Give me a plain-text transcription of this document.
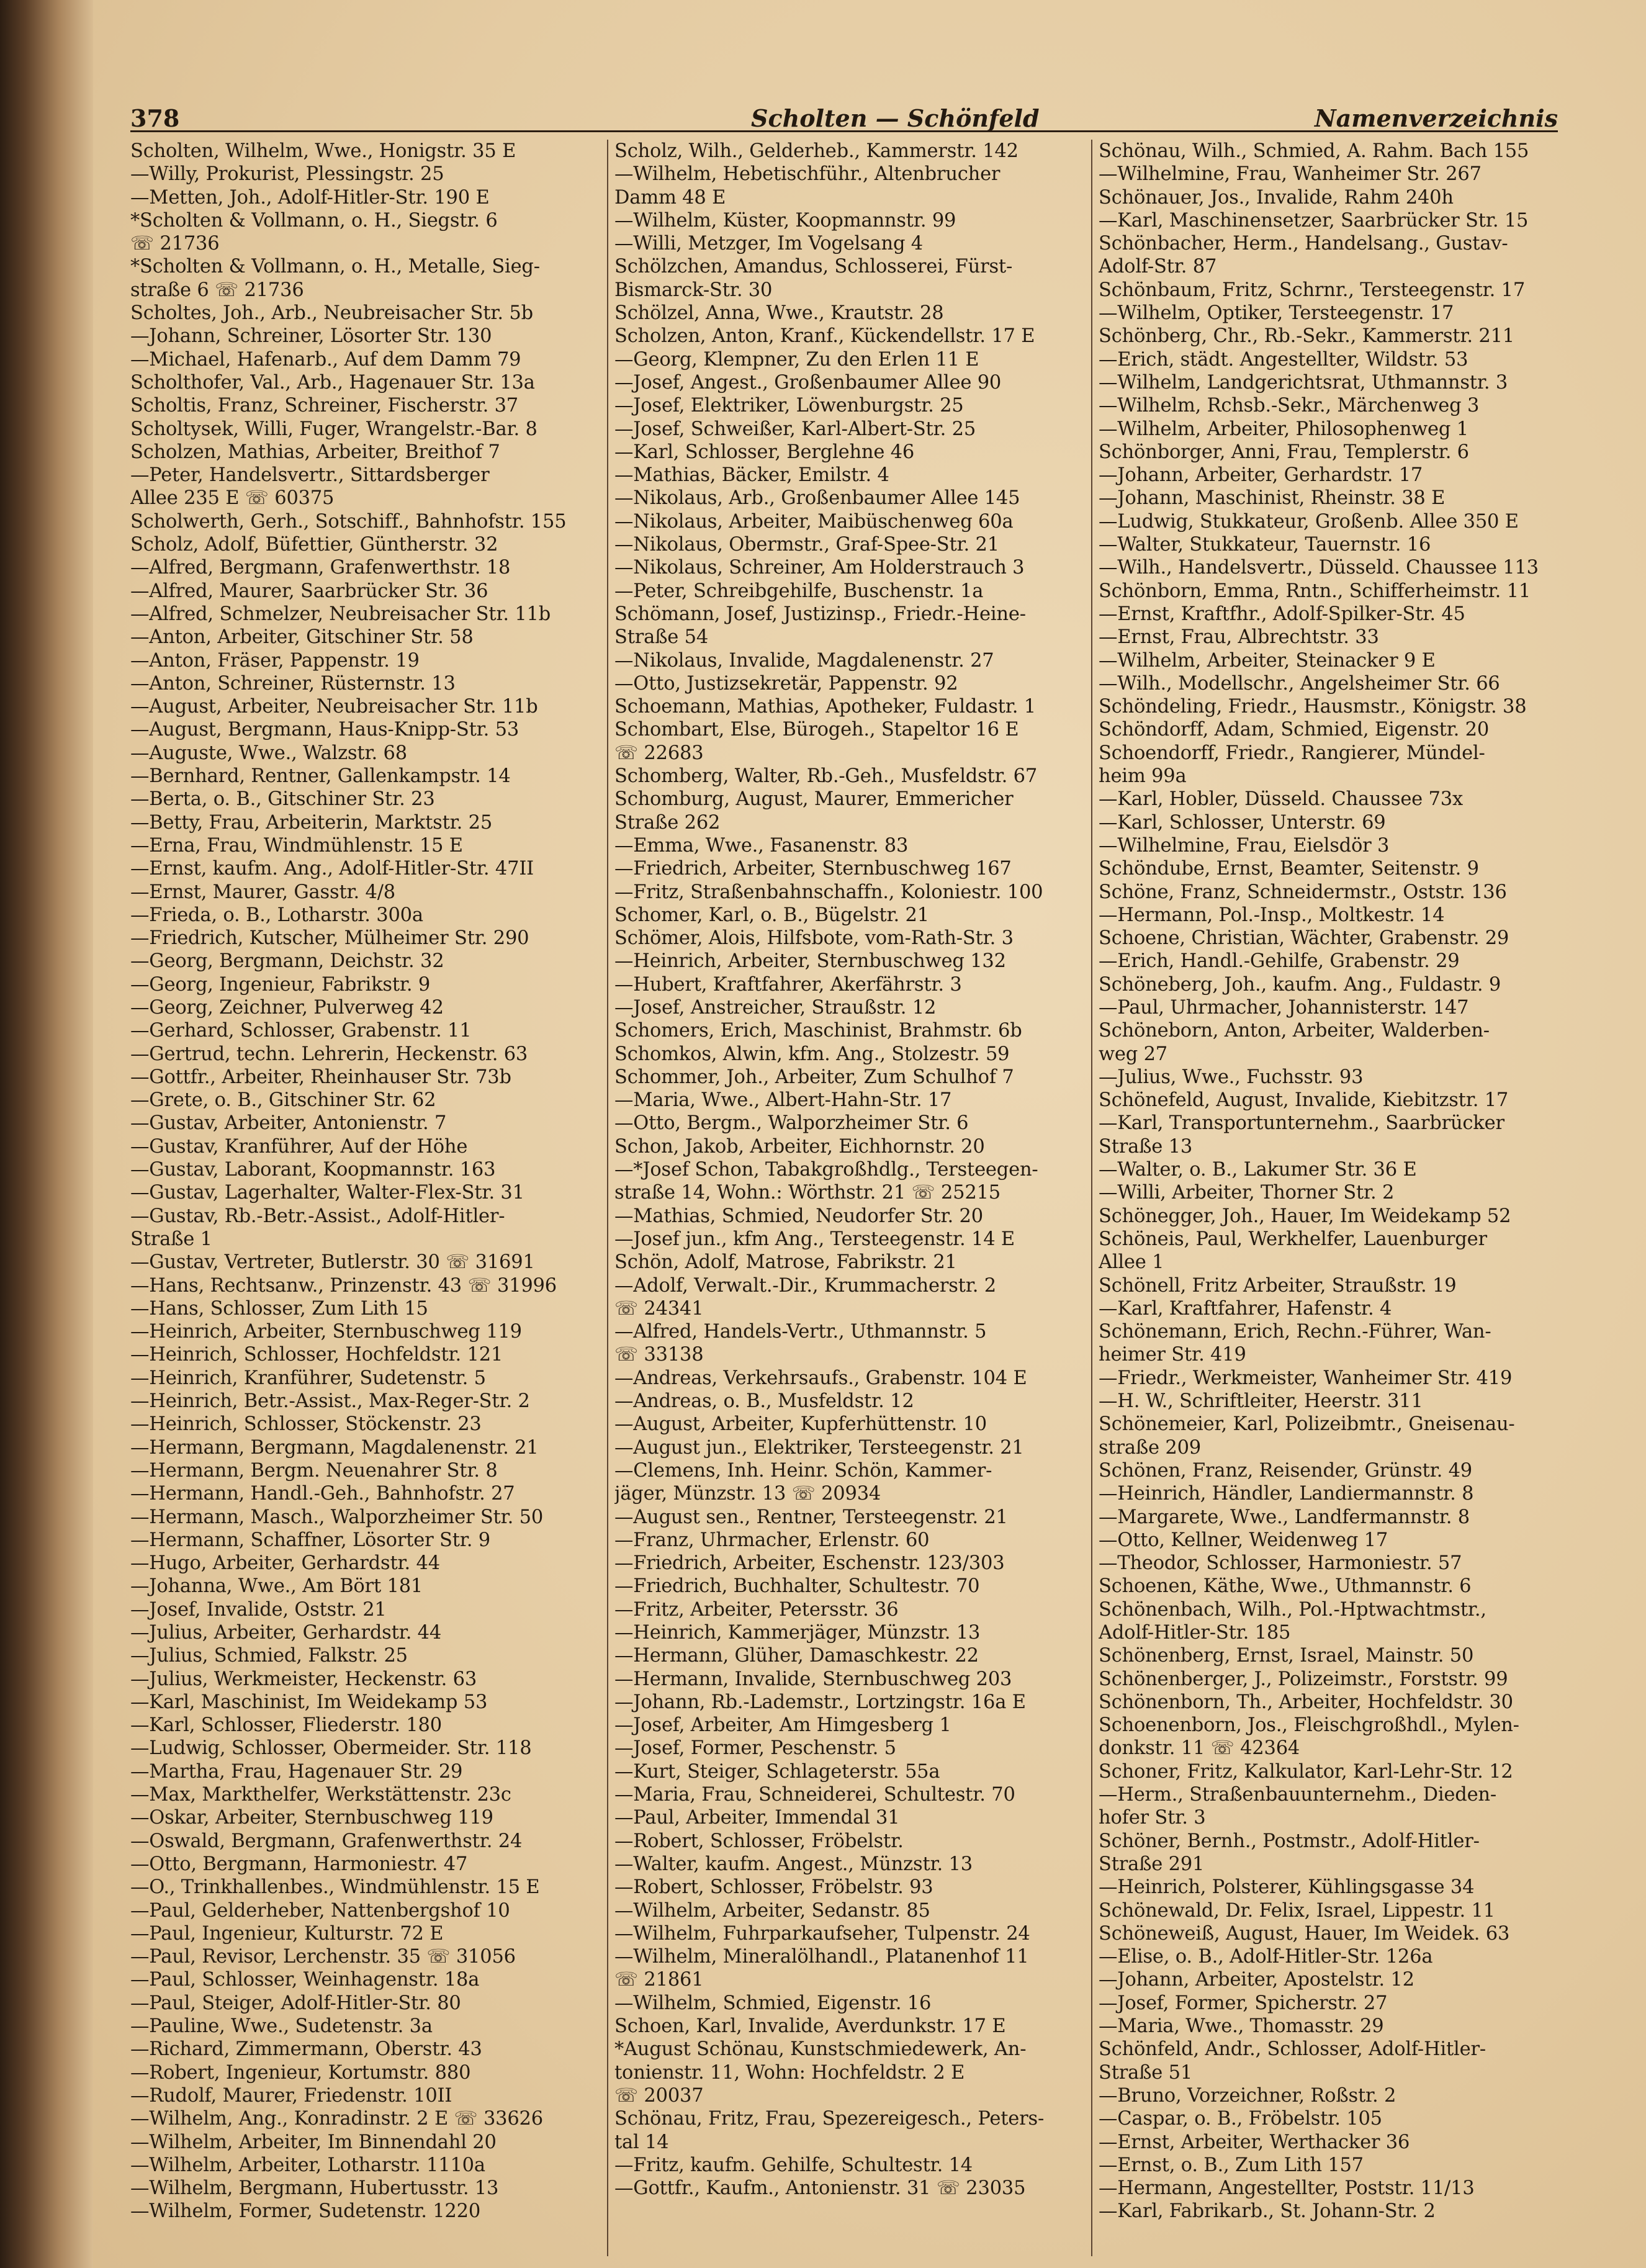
378	Scholten — Schönfeld	Namenverzeichnis
Scholten, Wilhelm, Wwe., Honigstr. 35 E
—Willy, Prokurist, Plessingstr. 25
—Metten, Joh., Adolf-Hitler-Str. 190 E
*Scholten & Vollmann, o. H., Siegstr. 6
☏ 21736
*Scholten & Vollmann, o. H., Metalle, Sieg-
straße 6 ☏ 21736
Scholtes, Joh., Arb., Neubreisacher Str. 5b
—Johann, Schreiner, Lösorter Str. 130
—Michael, Hafenarb., Auf dem Damm 79
Scholthofer, Val., Arb., Hagenauer Str. 13a
Scholtis, Franz, Schreiner, Fischerstr. 37
Scholtysek, Willi, Fuger, Wrangelstr.-Bar. 8
Scholzen, Mathias, Arbeiter, Breithof 7
—Peter, Handelsvertr., Sittardsberger
Allee 235 E ☏ 60375
Scholwerth, Gerh., Sotschiff., Bahnhofstr. 155
Scholz, Adolf, Büfettier, Güntherstr. 32
—Alfred, Bergmann, Grafenwerthstr. 18
—Alfred, Maurer, Saarbrücker Str. 36
—Alfred, Schmelzer, Neubreisacher Str. 11b
—Anton, Arbeiter, Gitschiner Str. 58
—Anton, Fräser, Pappenstr. 19
—Anton, Schreiner, Rüsternstr. 13
—August, Arbeiter, Neubreisacher Str. 11b
—August, Bergmann, Haus-Knipp-Str. 53
—Auguste, Wwe., Walzstr. 68
—Bernhard, Rentner, Gallenkampstr. 14
—Berta, o. B., Gitschiner Str. 23
—Betty, Frau, Arbeiterin, Marktstr. 25
—Erna, Frau, Windmühlenstr. 15 E
—Ernst, kaufm. Ang., Adolf-Hitler-Str. 47II
—Ernst, Maurer, Gasstr. 4/8
—Frieda, o. B., Lotharstr. 300a
—Friedrich, Kutscher, Mülheimer Str. 290
—Georg, Bergmann, Deichstr. 32
—Georg, Ingenieur, Fabrikstr. 9
—Georg, Zeichner, Pulverweg 42
—Gerhard, Schlosser, Grabenstr. 11
—Gertrud, techn. Lehrerin, Heckenstr. 63
—Gottfr., Arbeiter, Rheinhauser Str. 73b
—Grete, o. B., Gitschiner Str. 62
—Gustav, Arbeiter, Antonienstr. 7
—Gustav, Kranführer, Auf der Höhe
—Gustav, Laborant, Koopmannstr. 163
—Gustav, Lagerhalter, Walter-Flex-Str. 31
—Gustav, Rb.-Betr.-Assist., Adolf-Hitler-
Straße 1
—Gustav, Vertreter, Butlerstr. 30 ☏ 31691
—Hans, Rechtsanw., Prinzenstr. 43 ☏ 31996
—Hans, Schlosser, Zum Lith 15
—Heinrich, Arbeiter, Sternbuschweg 119
—Heinrich, Schlosser, Hochfeldstr. 121
—Heinrich, Kranführer, Sudetenstr. 5
—Heinrich, Betr.-Assist., Max-Reger-Str. 2
—Heinrich, Schlosser, Stöckenstr. 23
—Hermann, Bergmann, Magdalenenstr. 21
—Hermann, Bergm. Neuenahrer Str. 8
—Hermann, Handl.-Geh., Bahnhofstr. 27
—Hermann, Masch., Walporzheimer Str. 50
—Hermann, Schaffner, Lösorter Str. 9
—Hugo, Arbeiter, Gerhardstr. 44
—Johanna, Wwe., Am Bört 181
—Josef, Invalide, Oststr. 21
—Julius, Arbeiter, Gerhardstr. 44
—Julius, Schmied, Falkstr. 25
—Julius, Werkmeister, Heckenstr. 63
—Karl, Maschinist, Im Weidekamp 53
—Karl, Schlosser, Fliederstr. 180
—Ludwig, Schlosser, Obermeider. Str. 118
—Martha, Frau, Hagenauer Str. 29
—Max, Markthelfer, Werkstättenstr. 23c
—Oskar, Arbeiter, Sternbuschweg 119
—Oswald, Bergmann, Grafenwerthstr. 24
—Otto, Bergmann, Harmoniestr. 47
—O., Trinkhallenbes., Windmühlenstr. 15 E
—Paul, Gelderheber, Nattenbergshof 10
—Paul, Ingenieur, Kulturstr. 72 E
—Paul, Revisor, Lerchenstr. 35 ☏ 31056
—Paul, Schlosser, Weinhagenstr. 18a
—Paul, Steiger, Adolf-Hitler-Str. 80
—Pauline, Wwe., Sudetenstr. 3a
—Richard, Zimmermann, Oberstr. 43
—Robert, Ingenieur, Kortumstr. 880
—Rudolf, Maurer, Friedenstr. 10II
—Wilhelm, Ang., Konradinstr. 2 E ☏ 33626
—Wilhelm, Arbeiter, Im Binnendahl 20
—Wilhelm, Arbeiter, Lotharstr. 1110a
—Wilhelm, Bergmann, Hubertusstr. 13
—Wilhelm, Former, Sudetenstr. 1220
Scholz, Wilh., Gelderheb., Kammerstr. 142
—Wilhelm, Hebetischführ., Altenbrucher
Damm 48 E
—Wilhelm, Küster, Koopmannstr. 99
—Willi, Metzger, Im Vogelsang 4
Schölzchen, Amandus, Schlosserei, Fürst-
Bismarck-Str. 30
Schölzel, Anna, Wwe., Krautstr. 28
Scholzen, Anton, Kranf., Kückendellstr. 17 E
—Georg, Klempner, Zu den Erlen 11 E
—Josef, Angest., Großenbaumer Allee 90
—Josef, Elektriker, Löwenburgstr. 25
—Josef, Schweißer, Karl-Albert-Str. 25
—Karl, Schlosser, Berglehne 46
—Mathias, Bäcker, Emilstr. 4
—Nikolaus, Arb., Großenbaumer Allee 145
—Nikolaus, Arbeiter, Maibüschenweg 60a
—Nikolaus, Obermstr., Graf-Spee-Str. 21
—Nikolaus, Schreiner, Am Holderstrauch 3
—Peter, Schreibgehilfe, Buschenstr. 1a
Schömann, Josef, Justizinsp., Friedr.-Heine-
Straße 54
—Nikolaus, Invalide, Magdalenenstr. 27
—Otto, Justizsekretär, Pappenstr. 92
Schoemann, Mathias, Apotheker, Fuldastr. 1
Schombart, Else, Bürogeh., Stapeltor 16 E
☏ 22683
Schomberg, Walter, Rb.-Geh., Musfeldstr. 67
Schomburg, August, Maurer, Emmericher
Straße 262
—Emma, Wwe., Fasanenstr. 83
—Friedrich, Arbeiter, Sternbuschweg 167
—Fritz, Straßenbahnschaffn., Koloniestr. 100
Schomer, Karl, o. B., Bügelstr. 21
Schömer, Alois, Hilfsbote, vom-Rath-Str. 3
—Heinrich, Arbeiter, Sternbuschweg 132
—Hubert, Kraftfahrer, Akerfährstr. 3
—Josef, Anstreicher, Straußstr. 12
Schomers, Erich, Maschinist, Brahmstr. 6b
Schomkos, Alwin, kfm. Ang., Stolzestr. 59
Schommer, Joh., Arbeiter, Zum Schulhof 7
—Maria, Wwe., Albert-Hahn-Str. 17
—Otto, Bergm., Walporzheimer Str. 6
Schon, Jakob, Arbeiter, Eichhornstr. 20
—*Josef Schon, Tabakgroßhdlg., Tersteegen-
straße 14, Wohn.: Wörthstr. 21 ☏ 25215
—Mathias, Schmied, Neudorfer Str. 20
—Josef jun., kfm Ang., Tersteegenstr. 14 E
Schön, Adolf, Matrose, Fabrikstr. 21
—Adolf, Verwalt.-Dir., Krummacherstr. 2
☏ 24341
—Alfred, Handels-Vertr., Uthmannstr. 5
☏ 33138
—Andreas, Verkehrsaufs., Grabenstr. 104 E
—Andreas, o. B., Musfeldstr. 12
—August, Arbeiter, Kupferhüttenstr. 10
—August jun., Elektriker, Tersteegenstr. 21
—Clemens, Inh. Heinr. Schön, Kammer-
jäger, Münzstr. 13 ☏ 20934
—August sen., Rentner, Tersteegenstr. 21
—Franz, Uhrmacher, Erlenstr. 60
—Friedrich, Arbeiter, Eschenstr. 123/303
—Friedrich, Buchhalter, Schultestr. 70
—Fritz, Arbeiter, Petersstr. 36
—Heinrich, Kammerjäger, Münzstr. 13
—Hermann, Glüher, Damaschkestr. 22
—Hermann, Invalide, Sternbuschweg 203
—Johann, Rb.-Lademstr., Lortzingstr. 16a E
—Josef, Arbeiter, Am Himgesberg 1
—Josef, Former, Peschenstr. 5
—Kurt, Steiger, Schlageterstr. 55a
—Maria, Frau, Schneiderei, Schultestr. 70
—Paul, Arbeiter, Immendal 31
—Robert, Schlosser, Fröbelstr.
—Walter, kaufm. Angest., Münzstr. 13
—Robert, Schlosser, Fröbelstr. 93
—Wilhelm, Arbeiter, Sedanstr. 85
—Wilhelm, Fuhrparkaufseher, Tulpenstr. 24
—Wilhelm, Mineralölhandl., Platanenhof 11
☏ 21861
—Wilhelm, Schmied, Eigenstr. 16
Schoen, Karl, Invalide, Averdunkstr. 17 E
*August Schönau, Kunstschmiedewerk, An-
tonienstr. 11, Wohn: Hochfeldstr. 2 E
☏ 20037
Schönau, Fritz, Frau, Spezereigesch., Peters-
tal 14
—Fritz, kaufm. Gehilfe, Schultestr. 14
—Gottfr., Kaufm., Antonienstr. 31 ☏ 23035
Schönau, Wilh., Schmied, A. Rahm. Bach 155
—Wilhelmine, Frau, Wanheimer Str. 267
Schönauer, Jos., Invalide, Rahm 240h
—Karl, Maschinensetzer, Saarbrücker Str. 15
Schönbacher, Herm., Handelsang., Gustav-
Adolf-Str. 87
Schönbaum, Fritz, Schrnr., Tersteegenstr. 17
—Wilhelm, Optiker, Tersteegenstr. 17
Schönberg, Chr., Rb.-Sekr., Kammerstr. 211
—Erich, städt. Angestellter, Wildstr. 53
—Wilhelm, Landgerichtsrat, Uthmannstr. 3
—Wilhelm, Rchsb.-Sekr., Märchenweg 3
—Wilhelm, Arbeiter, Philosophenweg 1
Schönborger, Anni, Frau, Templerstr. 6
—Johann, Arbeiter, Gerhardstr. 17
—Johann, Maschinist, Rheinstr. 38 E
—Ludwig, Stukkateur, Großenb. Allee 350 E
—Walter, Stukkateur, Tauernstr. 16
—Wilh., Handelsvertr., Düsseld. Chaussee 113
Schönborn, Emma, Rntn., Schifferheimstr. 11
—Ernst, Kraftfhr., Adolf-Spilker-Str. 45
—Ernst, Frau, Albrechtstr. 33
—Wilhelm, Arbeiter, Steinacker 9 E
—Wilh., Modellschr., Angelsheimer Str. 66
Schöndeling, Friedr., Hausmstr., Königstr. 38
Schöndorff, Adam, Schmied, Eigenstr. 20
Schoendorff, Friedr., Rangierer, Mündel-
heim 99a
—Karl, Hobler, Düsseld. Chaussee 73x
—Karl, Schlosser, Unterstr. 69
—Wilhelmine, Frau, Eielsdör 3
Schöndube, Ernst, Beamter, Seitenstr. 9
Schöne, Franz, Schneidermstr., Oststr. 136
—Hermann, Pol.-Insp., Moltkestr. 14
Schoene, Christian, Wächter, Grabenstr. 29
—Erich, Handl.-Gehilfe, Grabenstr. 29
Schöneberg, Joh., kaufm. Ang., Fuldastr. 9
—Paul, Uhrmacher, Johannisterstr. 147
Schöneborn, Anton, Arbeiter, Walderben-
weg 27
—Julius, Wwe., Fuchsstr. 93
Schönefeld, August, Invalide, Kiebitzstr. 17
—Karl, Transportunternehm., Saarbrücker
Straße 13
—Walter, o. B., Lakumer Str. 36 E
—Willi, Arbeiter, Thorner Str. 2
Schönegger, Joh., Hauer, Im Weidekamp 52
Schöneis, Paul, Werkhelfer, Lauenburger
Allee 1
Schönell, Fritz Arbeiter, Straußstr. 19
—Karl, Kraftfahrer, Hafenstr. 4
Schönemann, Erich, Rechn.-Führer, Wan-
heimer Str. 419
—Friedr., Werkmeister, Wanheimer Str. 419
—H. W., Schriftleiter, Heerstr. 311
Schönemeier, Karl, Polizeibmtr., Gneisenau-
straße 209
Schönen, Franz, Reisender, Grünstr. 49
—Heinrich, Händler, Landiermannstr. 8
—Margarete, Wwe., Landfermannstr. 8
—Otto, Kellner, Weidenweg 17
—Theodor, Schlosser, Harmoniestr. 57
Schoenen, Käthe, Wwe., Uthmannstr. 6
Schönenbach, Wilh., Pol.-Hptwachtmstr.,
Adolf-Hitler-Str. 185
Schönenberg, Ernst, Israel, Mainstr. 50
Schönenberger, J., Polizeimstr., Forststr. 99
Schönenborn, Th., Arbeiter, Hochfeldstr. 30
Schoenenborn, Jos., Fleischgroßhdl., Mylen-
donkstr. 11 ☏ 42364
Schoner, Fritz, Kalkulator, Karl-Lehr-Str. 12
—Herm., Straßenbauunternehm., Dieden-
hofer Str. 3
Schöner, Bernh., Postmstr., Adolf-Hitler-
Straße 291
—Heinrich, Polsterer, Kühlingsgasse 34
Schönewald, Dr. Felix, Israel, Lippestr. 11
Schöneweiß, August, Hauer, Im Weidek. 63
—Elise, o. B., Adolf-Hitler-Str. 126a
—Johann, Arbeiter, Apostelstr. 12
—Josef, Former, Spicherstr. 27
—Maria, Wwe., Thomasstr. 29
Schönfeld, Andr., Schlosser, Adolf-Hitler-
Straße 51
—Bruno, Vorzeichner, Roßstr. 2
—Caspar, o. B., Fröbelstr. 105
—Ernst, Arbeiter, Werthacker 36
—Ernst, o. B., Zum Lith 157
—Hermann, Angestellter, Poststr. 11/13
—Karl, Fabrikarb., St. Johann-Str. 2
